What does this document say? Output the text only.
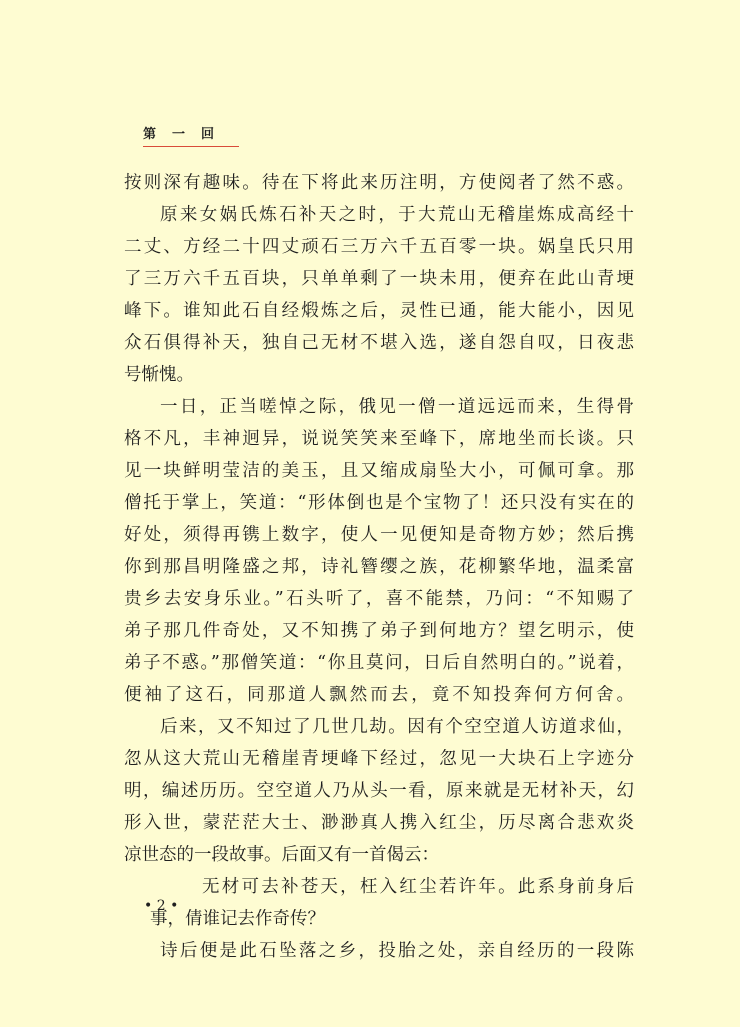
第一回
按则深有趣味。待在下将此来历注明，方使阅者了然不惑。
原来女娲氏炼石补天之时，于大荒山无稽崖炼成高经十
二丈、方经二十四丈顽石三万六千五百零一块。娲皇氏只用
了三万六千五百块，只单单剩了一块未用，便弃在此山青埂
峰下。谁知此石自经煅炼之后，灵性已通，能大能小，因见
众石俱得补天，独自己无材不堪入选，遂自怨自叹，日夜悲
号惭愧。
一日，正当嗟悼之际，俄见一僧一道远远而来，生得骨
格不凡，丰神迥异，说说笑笑来至峰下，席地坐而长谈。只
见一块鲜明莹洁的美玉，且又缩成扇坠大小，可佩可拿。那
僧托于掌上，笑道：“形体倒也是个宝物了！还只没有实在的
好处，须得再镌上数字，使人一见便知是奇物方妙；然后携
你到那昌明隆盛之邦，诗礼簪缨之族，花柳繁华地，温柔富
贵乡去安身乐业。”石头听了，喜不能禁，乃问：“不知赐了
弟子那几件奇处，又不知携了弟子到何地方？望乞明示，使
弟子不惑。”那僧笑道：“你且莫问，日后自然明白的。”说着，
便袖了这石，同那道人飘然而去，竟不知投奔何方何舍。
后来，又不知过了几世几劫。因有个空空道人访道求仙，
忽从这大荒山无稽崖青埂峰下经过，忽见一大块石上字迹分
明，编述历历。空空道人乃从头一看，原来就是无材补天，幻
形入世，蒙茫茫大士、渺渺真人携入红尘，历尽离合悲欢炎
凉世态的一段故事。后面又有一首偈云：
无材可去补苍天，枉入红尘若许年。此系身前身后
事，倩谁记去作奇传？
诗后便是此石坠落之乡，投胎之处，亲自经历的一段陈
• 2 •
